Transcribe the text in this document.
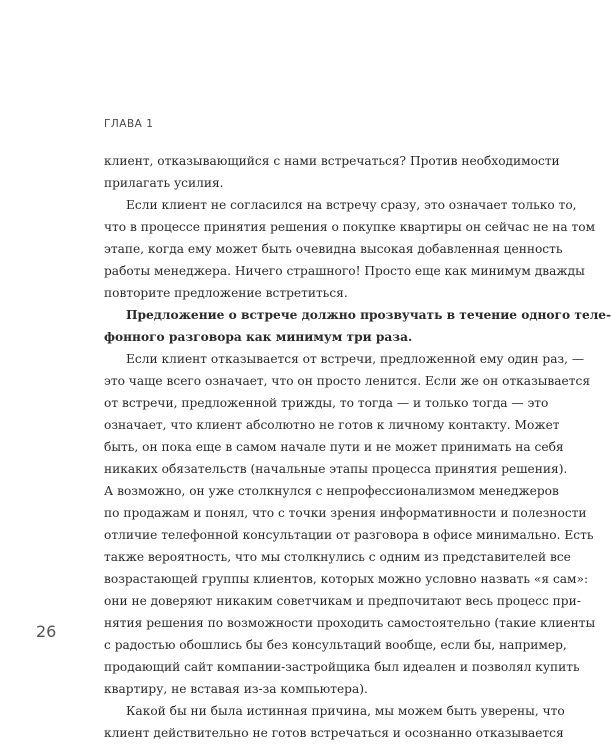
ГЛАВА 1
клиент, отказывающийся с нами встречаться? Против необходимости
прилагать усилия.
Если клиент не согласился на встречу сразу, это означает только то,
что в процессе принятия решения о покупке квартиры он сейчас не на том
этапе, когда ему может быть очевидна высокая добавленная ценность
работы менеджера. Ничего страшного! Просто еще как минимум дважды
повторите предложение встретиться.
Предложение о встрече должно прозвучать в течение одного теле-
фонного разговора как минимум три раза.
Если клиент отказывается от встречи, предложенной ему один раз, —
это чаще всего означает, что он просто ленится. Если же он отказывается
от встречи, предложенной трижды, то тогда — и только тогда — это
означает, что клиент абсолютно не готов к личному контакту. Может
быть, он пока еще в самом начале пути и не может принимать на себя
никаких обязательств (начальные этапы процесса принятия решения).
А возможно, он уже столкнулся с непрофессионализмом менеджеров
по продажам и понял, что с точки зрения информативности и полезности
отличие телефонной консультации от разговора в офисе минимально. Есть
также вероятность, что мы столкнулись с одним из представителей все
возрастающей группы клиентов, которых можно условно назвать «я сам»:
они не доверяют никаким советчикам и предпочитают весь процесс при-
нятия решения по возможности проходить самостоятельно (такие клиенты
с радостью обошлись бы без консультаций вообще, если бы, например,
продающий сайт компании-застройщика был идеален и позволял купить
квартиру, не вставая из-за компьютера).
Какой бы ни была истинная причина, мы можем быть уверены, что
клиент действительно не готов встречаться и осознанно отказывается
26
